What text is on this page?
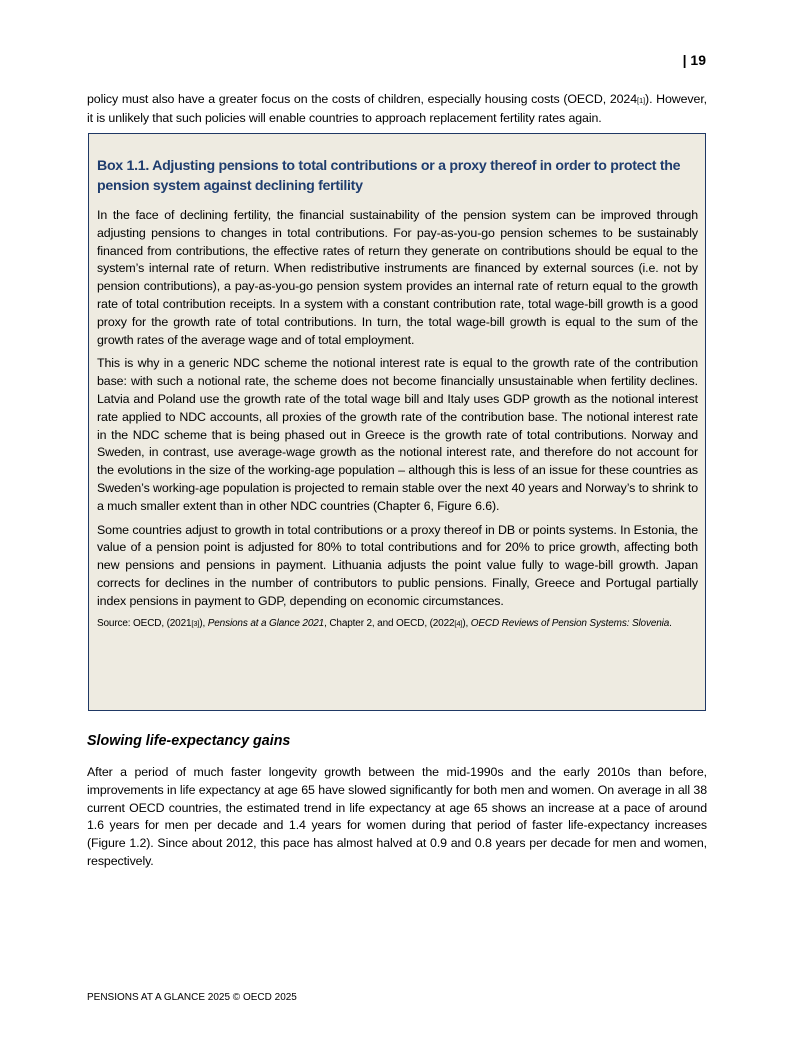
| 19

policy must also have a greater focus on the costs of children, especially housing costs (OECD, 2024[1]). However, it is unlikely that such policies will enable countries to approach replacement fertility rates again.

Box 1.1. Adjusting pensions to total contributions or a proxy thereof in order to protect the pension system against declining fertility

In the face of declining fertility, the financial sustainability of the pension system can be improved through adjusting pensions to changes in total contributions. For pay-as-you-go pension schemes to be sustainably financed from contributions, the effective rates of return they generate on contributions should be equal to the system’s internal rate of return. When redistributive instruments are financed by external sources (i.e. not by pension contributions), a pay-as-you-go pension system provides an internal rate of return equal to the growth rate of total contribution receipts. In a system with a constant contribution rate, total wage-bill growth is a good proxy for the growth rate of total contributions. In turn, the total wage-bill growth is equal to the sum of the growth rates of the average wage and of total employment.

This is why in a generic NDC scheme the notional interest rate is equal to the growth rate of the contribution base: with such a notional rate, the scheme does not become financially unsustainable when fertility declines. Latvia and Poland use the growth rate of the total wage bill and Italy uses GDP growth as the notional interest rate applied to NDC accounts, all proxies of the growth rate of the contribution base. The notional interest rate in the NDC scheme that is being phased out in Greece is the growth rate of total contributions. Norway and Sweden, in contrast, use average-wage growth as the notional interest rate, and therefore do not account for the evolutions in the size of the working-age population – although this is less of an issue for these countries as Sweden’s working-age population is projected to remain stable over the next 40 years and Norway’s to shrink to a much smaller extent than in other NDC countries (Chapter 6, Figure 6.6).

Some countries adjust to growth in total contributions or a proxy thereof in DB or points systems. In Estonia, the value of a pension point is adjusted for 80% to total contributions and for 20% to price growth, affecting both new pensions and pensions in payment. Lithuania adjusts the point value fully to wage-bill growth. Japan corrects for declines in the number of contributors to public pensions. Finally, Greece and Portugal partially index pensions in payment to GDP, depending on economic circumstances.

Source: OECD, (2021[3]), Pensions at a Glance 2021, Chapter 2, and OECD, (2022[4]), OECD Reviews of Pension Systems: Slovenia.
Slowing life-expectancy gains

After a period of much faster longevity growth between the mid-1990s and the early 2010s than before, improvements in life expectancy at age 65 have slowed significantly for both men and women. On average in all 38 current OECD countries, the estimated trend in life expectancy at age 65 shows an increase at a pace of around 1.6 years for men per decade and 1.4 years for women during that period of faster life-expectancy increases (Figure 1.2). Since about 2012, this pace has almost halved at 0.9 and 0.8 years per decade for men and women, respectively.

PENSIONS AT A GLANCE 2025 © OECD 2025
